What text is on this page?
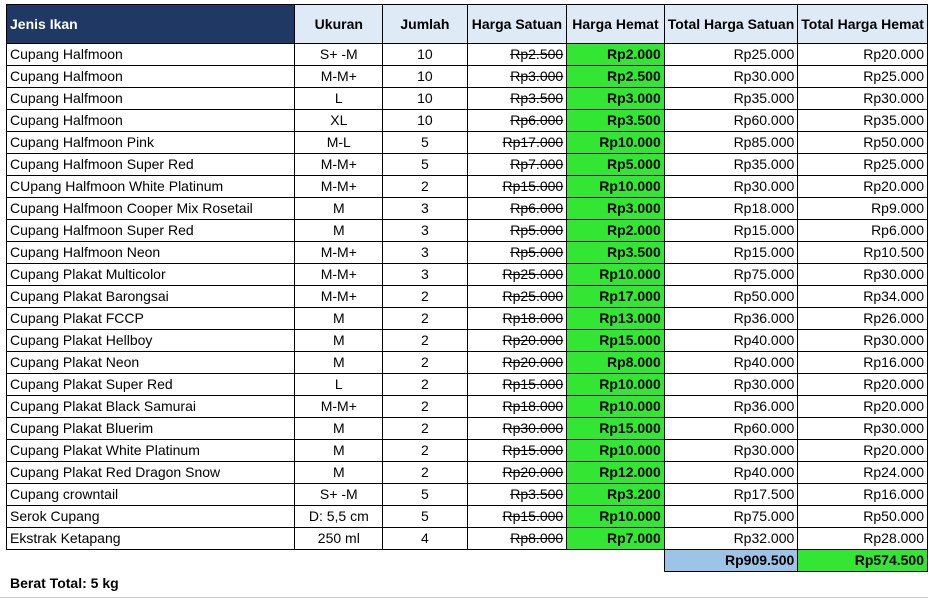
Jenis Ikan	Ukuran	Jumlah	Harga Satuan	Harga Hemat	Total Harga Satuan	Total Harga Hemat
Cupang Halfmoon	S+ -M	10	Rp2.500	Rp2.000	Rp25.000	Rp20.000
Cupang Halfmoon	M-M+	10	Rp3.000	Rp2.500	Rp30.000	Rp25.000
Cupang Halfmoon	L	10	Rp3.500	Rp3.000	Rp35.000	Rp30.000
Cupang Halfmoon	XL	10	Rp6.000	Rp3.500	Rp60.000	Rp35.000
Cupang Halfmoon Pink	M-L	5	Rp17.000	Rp10.000	Rp85.000	Rp50.000
Cupang Halfmoon Super Red	M-M+	5	Rp7.000	Rp5.000	Rp35.000	Rp25.000
CUpang Halfmoon White Platinum	M-M+	2	Rp15.000	Rp10.000	Rp30.000	Rp20.000
Cupang Halfmoon Cooper Mix Rosetail	M	3	Rp6.000	Rp3.000	Rp18.000	Rp9.000
Cupang Halfmoon Super Red	M	3	Rp5.000	Rp2.000	Rp15.000	Rp6.000
Cupang Halfmoon Neon	M-M+	3	Rp5.000	Rp3.500	Rp15.000	Rp10.500
Cupang Plakat Multicolor	M-M+	3	Rp25.000	Rp10.000	Rp75.000	Rp30.000
Cupang Plakat Barongsai	M-M+	2	Rp25.000	Rp17.000	Rp50.000	Rp34.000
Cupang Plakat FCCP	M	2	Rp18.000	Rp13.000	Rp36.000	Rp26.000
Cupang Plakat Hellboy	M	2	Rp20.000	Rp15.000	Rp40.000	Rp30.000
Cupang Plakat Neon	M	2	Rp20.000	Rp8.000	Rp40.000	Rp16.000
Cupang Plakat Super Red	L	2	Rp15.000	Rp10.000	Rp30.000	Rp20.000
Cupang Plakat Black Samurai	M-M+	2	Rp18.000	Rp10.000	Rp36.000	Rp20.000
Cupang Plakat Bluerim	M	2	Rp30.000	Rp15.000	Rp60.000	Rp30.000
Cupang Plakat White Platinum	M	2	Rp15.000	Rp10.000	Rp30.000	Rp20.000
Cupang Plakat Red Dragon Snow	M	2	Rp20.000	Rp12.000	Rp40.000	Rp24.000
Cupang crowntail	S+ -M	5	Rp3.500	Rp3.200	Rp17.500	Rp16.000
Serok Cupang	D: 5,5 cm	5	Rp15.000	Rp10.000	Rp75.000	Rp50.000
Ekstrak Ketapang	250 ml	4	Rp8.000	Rp7.000	Rp32.000	Rp28.000
					Rp909.500	Rp574.500
Berat Total: 5 kg
